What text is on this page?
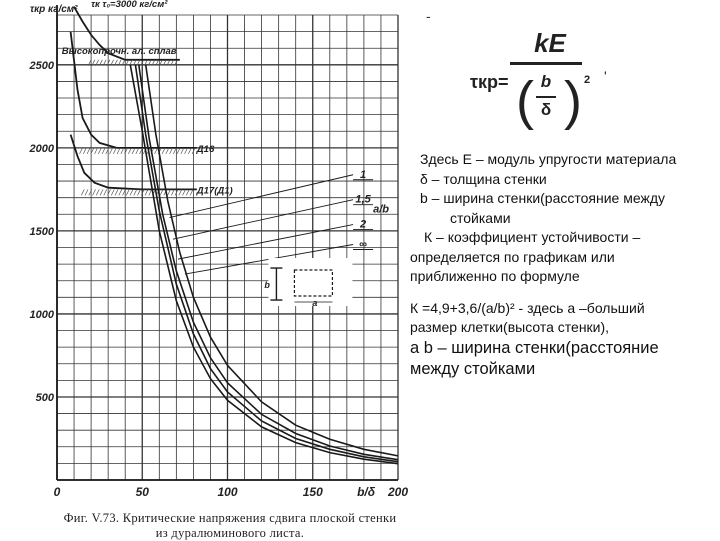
0	50	100	150	200
500
1000
1500
2000
2500
τкр кг/см²
b/δ
τк τ₀=3000 кг/см²
Высокопрочн. ал. сплав
Д16
Д17(Д1)
1
1,5
2
∞
a/b
b
a
-
Фиг. V.73. Критические напряжения сдвига плоской стенки
из дуралюминового листа.
τкр=
kE
( b
δ ) 2 '
Здесь E – модуль упругости материала
δ – толщина стенки
b – ширина стенки(расстояние между
стойками
К – коэффициент устойчивости –
определяется по графикам или
приближенно по формуле
К =4,9+3,6/(а/b)² - здесь а –больший
размер клетки(высота стенки),
а b – ширина стенки(расстояние
между стойками
